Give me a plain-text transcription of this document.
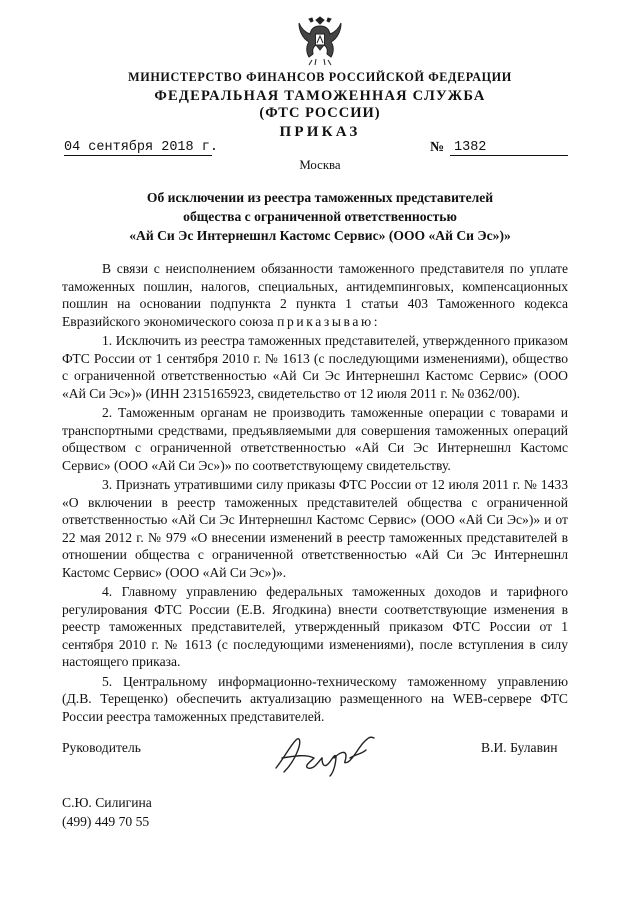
МИНИСТЕРСТВО ФИНАНСОВ РОССИЙСКОЙ ФЕДЕРАЦИИ
ФЕДЕРАЛЬНАЯ ТАМОЖЕННАЯ СЛУЖБА
(ФТС РОССИИ)
ПРИКАЗ
04 сентября 2018 г.	№ 1382
Москва
Об исключении из реестра таможенных представителей
общества с ограниченной ответственностью
«Ай Си Эс Интернешнл Кастомс Сервис» (ООО «Ай Си Эс»)»

В связи с неисполнением обязанности таможенного представителя по уплате таможенных пошлин, налогов, специальных, антидемпинговых, компенсационных пошлин на основании подпункта 2 пункта 1 статьи 403 Таможенного кодекса Евразийского экономического союза приказываю:

1. Исключить из реестра таможенных представителей, утвержденного приказом ФТС России от 1 сентября 2010 г. № 1613 (с последующими изменениями), общество с ограниченной ответственностью «Ай Си Эс Интернешнл Кастомс Сервис» (ООО «Ай Си Эс»)» (ИНН 2315165923, свидетельство от 12 июля 2011 г. № 0362/00).

2. Таможенным органам не производить таможенные операции с товарами и транспортными средствами, предъявляемыми для совершения таможенных операций обществом с ограниченной ответственностью «Ай Си Эс Интернешнл Кастомс Сервис» (ООО «Ай Си Эс»)» по соответствующему свидетельству.

3. Признать утратившими силу приказы ФТС России от 12 июля 2011 г. № 1433 «О включении в реестр таможенных представителей общества с ограниченной ответственностью «Ай Си Эс Интернешнл Кастомс Сервис» (ООО «Ай Си Эс»)» и от 22 мая 2012 г. № 979 «О внесении изменений в реестр таможенных представителей в отношении общества с ограниченной ответственностью «Ай Си Эс Интернешнл Кастомс Сервис» (ООО «Ай Си Эс»)».

4. Главному управлению федеральных таможенных доходов и тарифного регулирования ФТС России (Е.В. Ягодкина) внести соответствующие изменения в реестр таможенных представителей, утвержденный приказом ФТС России от 1 сентября 2010 г. № 1613 (с последующими изменениями), после вступления в силу настоящего приказа.

5. Центральному информационно-техническому таможенному управлению (Д.В. Терещенко) обеспечить актуализацию размещенного на WEB-сервере ФТС России реестра таможенных представителей.

Руководитель	В.И. Булавин
С.Ю. Силигина
(499) 449 70 55
